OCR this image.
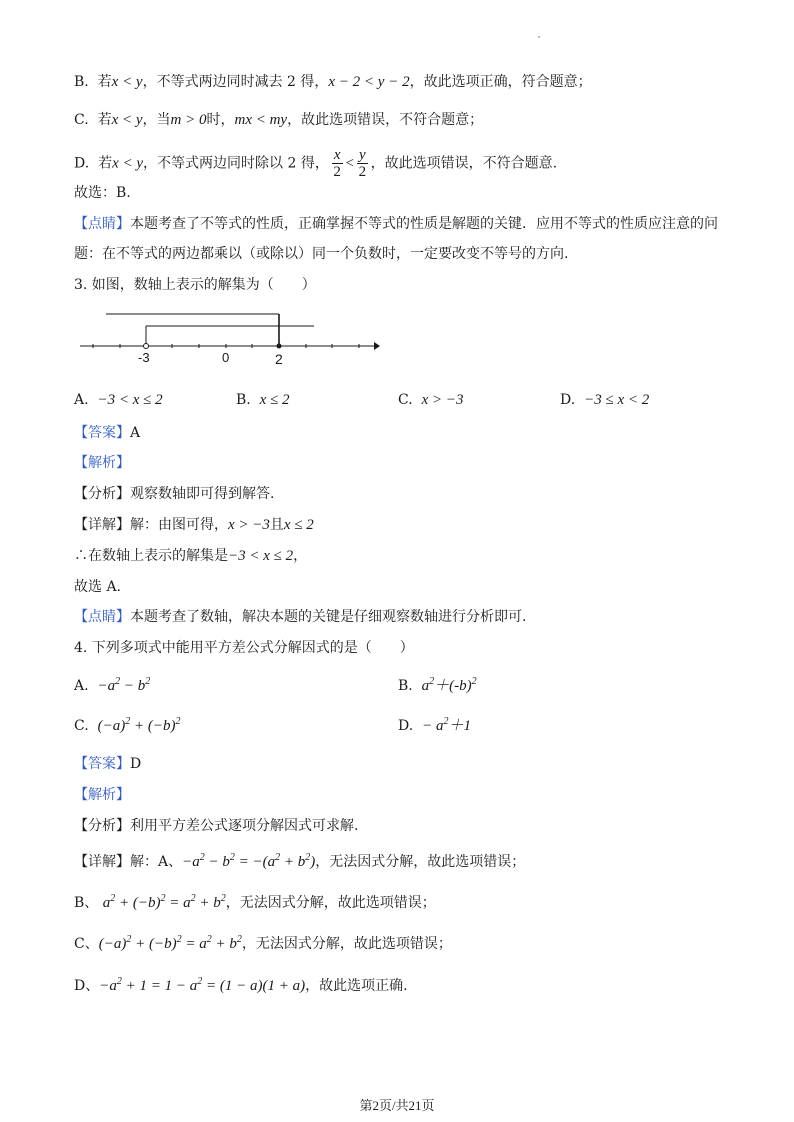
B. 若x < y，不等式两边同时减去 2 得，x − 2 < y − 2，故此选项正确，符合题意；
C. 若x < y，当m > 0时，mx < my，故此选项错误，不符合题意；
D. 若x < y，不等式两边同时除以 2 得， $\frac{x}{2} < \frac{y}{2}$ ，故此选项错误，不符合题意.
故选：B.
【点睛】本题考查了不等式的性质，正确掌握不等式的性质是解题的关键．应用不等式的性质应注意的问
题：在不等式的两边都乘以（或除以）同一个负数时，一定要改变不等号的方向.
3. 如图，数轴上表示的解集为（　　）
-3	0	2
A. −3 < x ≤ 2	B. x ≤ 2	C. x > −3	D. −3 ≤ x < 2
【答案】A
【解析】
【分析】观察数轴即可得到解答.
【详解】解：由图可得，x > −3且x ≤ 2
∴在数轴上表示的解集是−3 < x ≤ 2，
故选 A.
【点睛】本题考查了数轴，解决本题的关键是仔细观察数轴进行分析即可.
4. 下列多项式中能用平方差公式分解因式的是（　　）
A. $-a^2 - b^2$	B. $a^2+(-b)^2$
C. $(-a)^2 + (-b)^2$	D. − $a^2+1$
【答案】D
【解析】
【分析】利用平方差公式逐项分解因式可求解.
【详解】解：A、$-a^2 - b^2 = -(a^2 + b^2)$，无法因式分解，故此选项错误；
B、 $a^2 + (-b)^2 = a^2 + b^2$，无法因式分解，故此选项错误；
C、$(-a)^2 + (-b)^2 = a^2 + b^2$，无法因式分解，故此选项错误；
D、$-a^2 + 1 = 1 - a^2 = (1 - a)(1 + a)$，故此选项正确.
第2页/共21页
